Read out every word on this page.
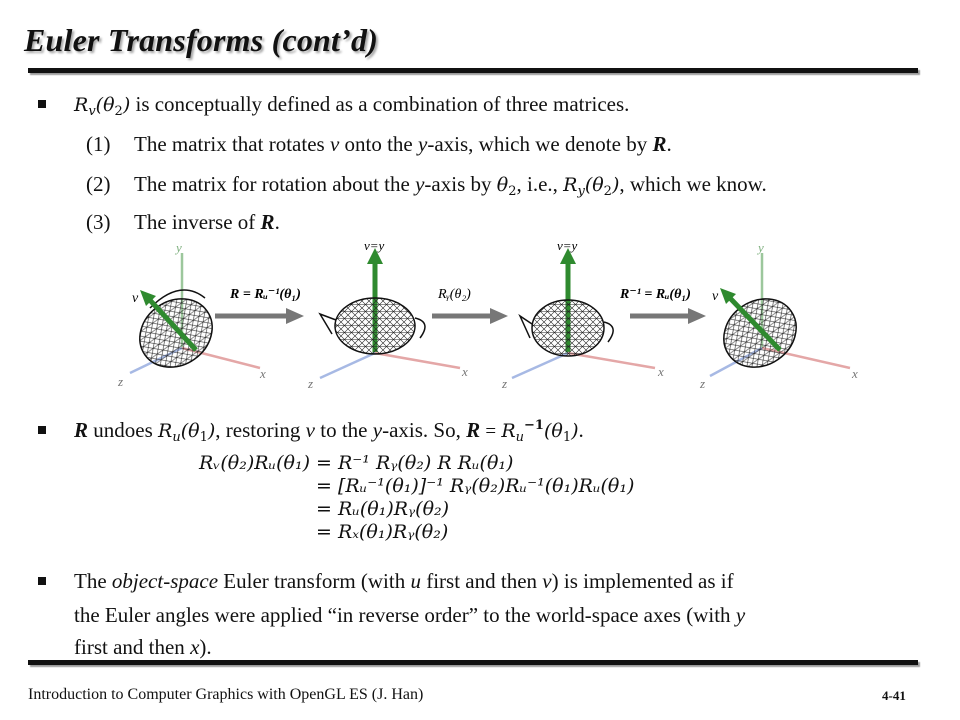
Euler Transforms (cont’d)
$R_v(\theta_2)$ is conceptually defined as a combination of three matrices.
(1) The matrix that rotates v onto the y-axis, which we denote by R.
(2) The matrix for rotation about the y-axis by $\theta_2$, i.e., $R_y(\theta_2)$, which we know.
(3) The inverse of R.
v
y
x
z
R = Rᵤ⁻¹(θ₁)
v=y
x
z
Rᵧ(θ₂)
v=y
x
z
R⁻¹ = Rᵤ(θ₁) v
y
x
z
R undoes $R_u(\theta_1)$, restoring v to the y-axis. So, $R = R_u^{-1}(\theta_1)$.
Rᵥ(θ₂)Rᵤ(θ₁) = R⁻¹ Rᵧ(θ₂) R Rᵤ(θ₁)
= [Rᵤ⁻¹(θ₁)]⁻¹ Rᵧ(θ₂)Rᵤ⁻¹(θ₁)Rᵤ(θ₁)
= Rᵤ(θ₁)Rᵧ(θ₂)
= Rₓ(θ₁)Rᵧ(θ₂)
The object-space Euler transform (with u first and then v) is implemented as if
the Euler angles were applied “in reverse order” to the world-space axes (with y
first and then x).
Introduction to Computer Graphics with OpenGL ES (J. Han)	4-41
